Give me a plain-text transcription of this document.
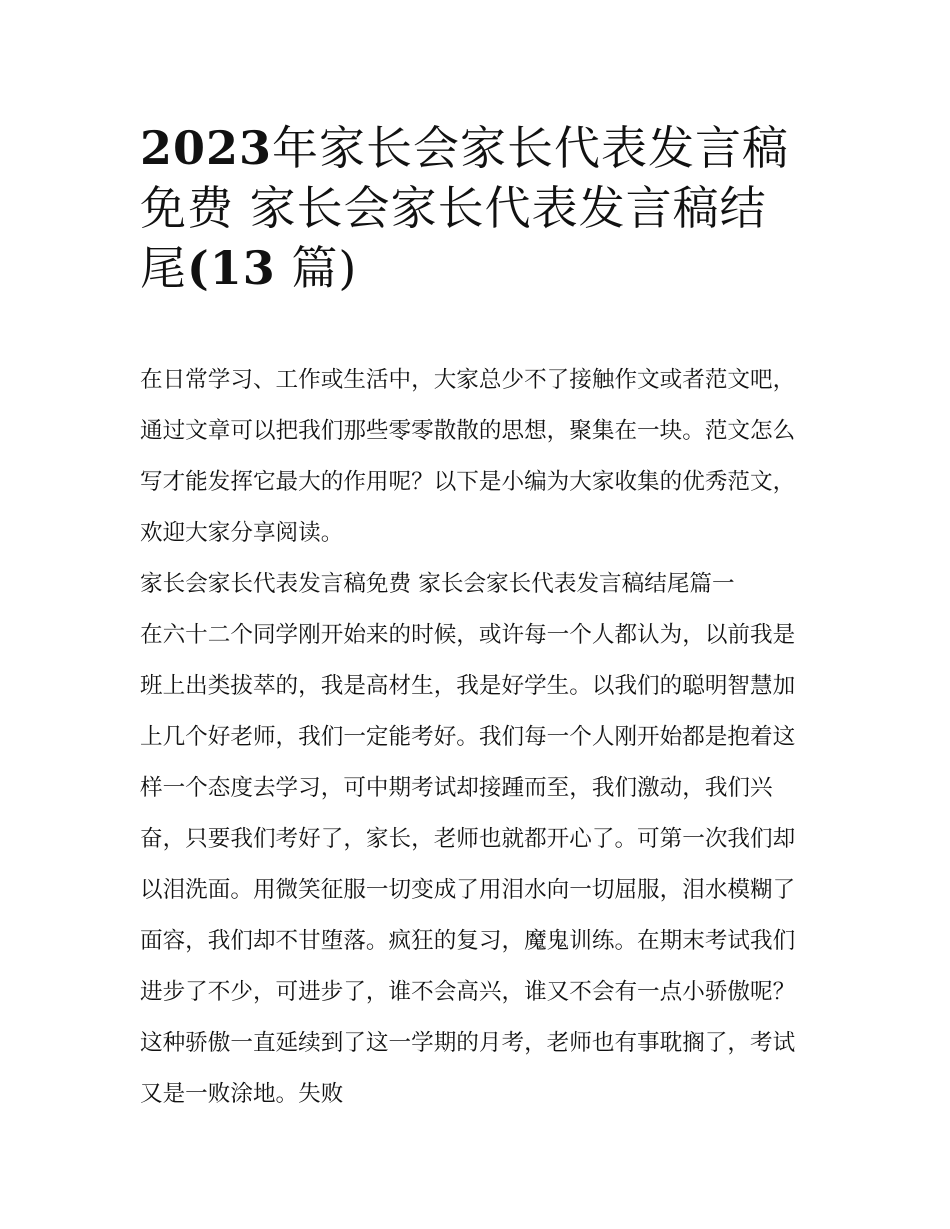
2023年家长会家长代表发言稿
免费 家长会家长代表发言稿结
尾(13 篇)

在日常学习、工作或生活中，大家总少不了接触作文或者范文吧，通过文章可以把我们那些零零散散的思想，聚集在一块。范文怎么写才能发挥它最大的作用呢？以下是小编为大家收集的优秀范文，欢迎大家分享阅读。

家长会家长代表发言稿免费 家长会家长代表发言稿结尾篇一

在六十二个同学刚开始来的时候，或许每一个人都认为，以前我是班上出类拔萃的，我是高材生，我是好学生。以我们的聪明智慧加上几个好老师，我们一定能考好。我们每一个人刚开始都是抱着这样一个态度去学习，可中期考试却接踵而至，我们激动，我们兴奋，只要我们考好了，家长，老师也就都开心了。可第一次我们却以泪洗面。用微笑征服一切变成了用泪水向一切屈服，泪水模糊了面容，我们却不甘堕落。疯狂的复习，魔鬼训练。在期末考试我们进步了不少，可进步了，谁不会高兴，谁又不会有一点小骄傲呢？这种骄傲一直延续到了这一学期的月考，老师也有事耽搁了，考试又是一败涂地。失败
